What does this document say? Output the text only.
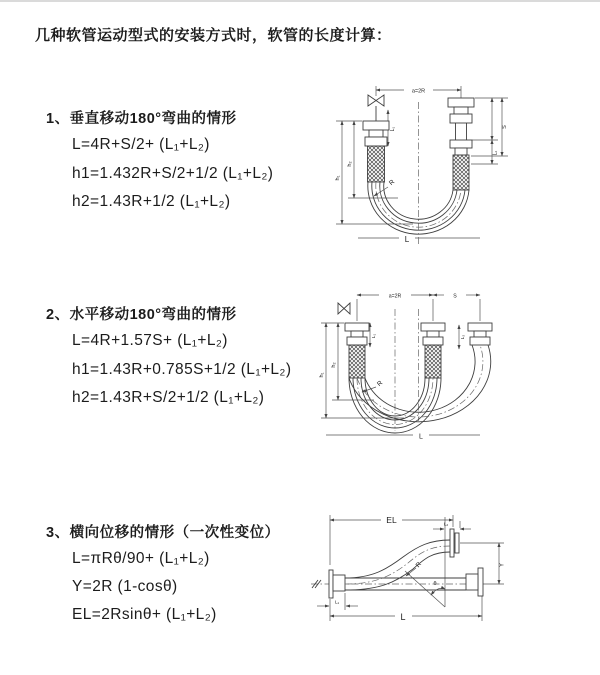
几种软管运动型式的安装方式时，软管的长度计算：
1、垂直移动180°弯曲的情形
L=4R+S/2+ (L₁+L₂)
h1=1.432R+S/2+1/2 (L₁+L₂)
h2=1.43R+1/2 (L₁+L₂)
2、水平移动180°弯曲的情形
L=4R+1.57S+ (L₁+L₂)
h1=1.43R+0.785S+1/2 (L₁+L₂)
h2=1.43R+S/2+1/2 (L₁+L₂)
3、横向位移的情形（一次性变位）
L=πRθ/90+ (L₁+L₂)
Y=2R (1-cosθ)
EL=2Rsinθ+ (L₁+L₂)
a=2R
h₁
h₂
L₁	S
L₂
R
L
a=2R	S
h₁
h₂
L₁	L₂
R
L
EL	L₂
Y
R
θ
L
L₁
